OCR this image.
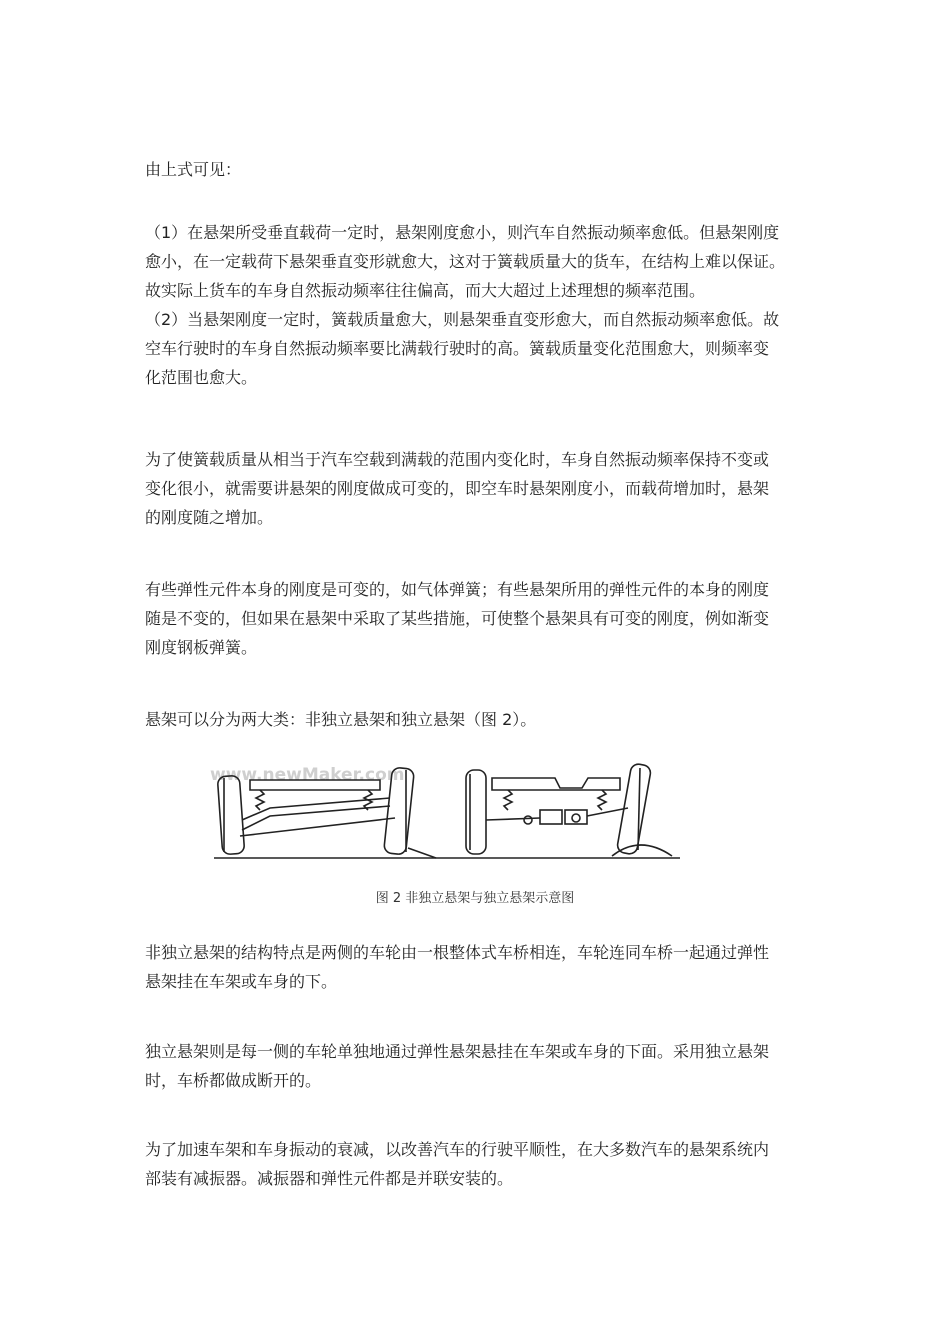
由上式可见：
（1）在悬架所受垂直载荷一定时，悬架刚度愈小，则汽车自然振动频率愈低。但悬架刚度
愈小，在一定载荷下悬架垂直变形就愈大，这对于簧载质量大的货车，在结构上难以保证。
故实际上货车的车身自然振动频率往往偏高，而大大超过上述理想的频率范围。
（2）当悬架刚度一定时，簧载质量愈大，则悬架垂直变形愈大，而自然振动频率愈低。故
空车行驶时的车身自然振动频率要比满载行驶时的高。簧载质量变化范围愈大，则频率变
化范围也愈大。
为了使簧载质量从相当于汽车空载到满载的范围内变化时，车身自然振动频率保持不变或
变化很小，就需要讲悬架的刚度做成可变的，即空车时悬架刚度小，而载荷增加时，悬架
的刚度随之增加。
有些弹性元件本身的刚度是可变的，如气体弹簧；有些悬架所用的弹性元件的本身的刚度
随是不变的，但如果在悬架中采取了某些措施，可使整个悬架具有可变的刚度，例如渐变
刚度钢板弹簧。
悬架可以分为两大类：非独立悬架和独立悬架（图 2）。
www.newMaker.com
图 2 非独立悬架与独立悬架示意图
非独立悬架的结构特点是两侧的车轮由一根整体式车桥相连，车轮连同车桥一起通过弹性
悬架挂在车架或车身的下。
独立悬架则是每一侧的车轮单独地通过弹性悬架悬挂在车架或车身的下面。采用独立悬架
时，车桥都做成断开的。
为了加速车架和车身振动的衰减，以改善汽车的行驶平顺性，在大多数汽车的悬架系统内
部装有减振器。减振器和弹性元件都是并联安装的。
